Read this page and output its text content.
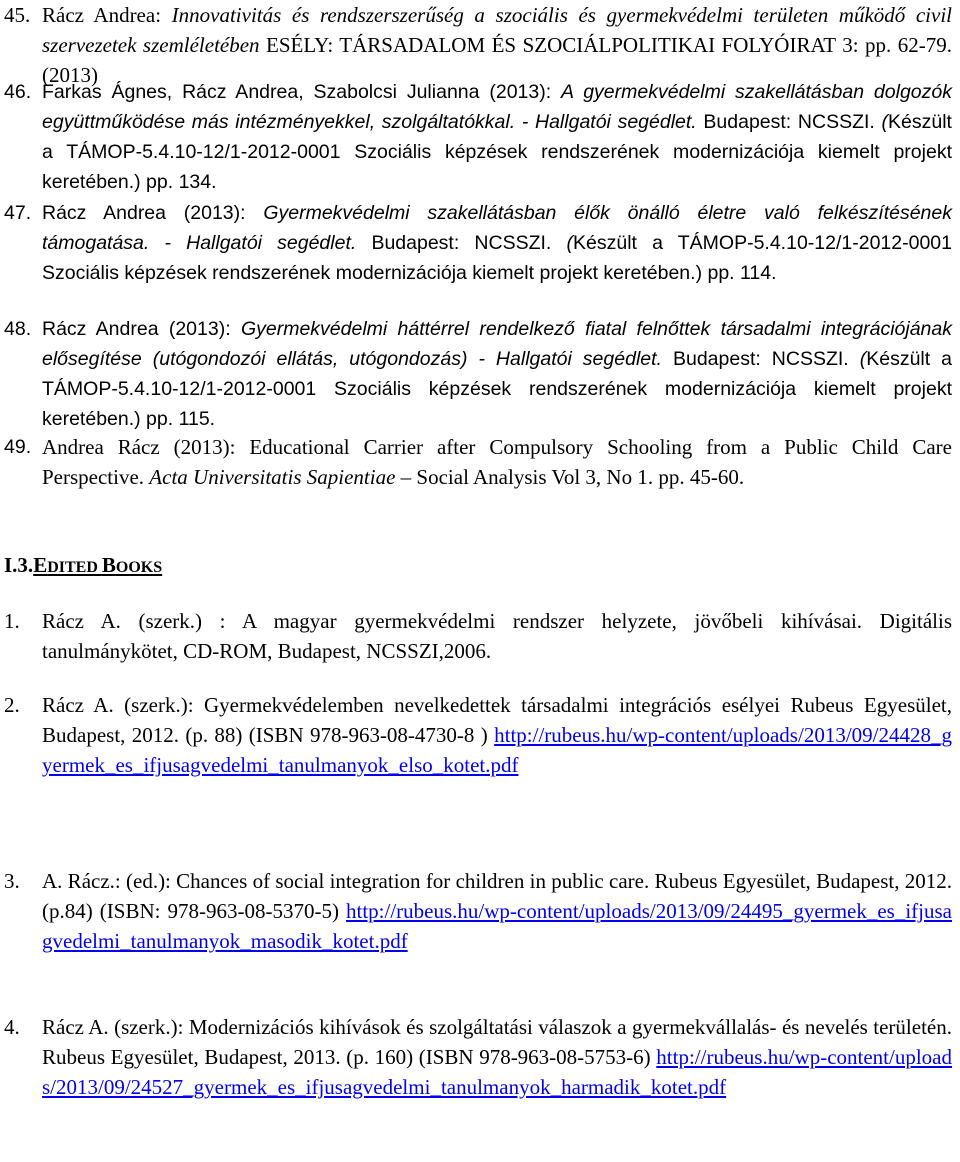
45. Rácz Andrea: Innovativitás és rendszerszerűség a szociális és gyermekvédelmi területen működő civil szervezetek szemléletében ESÉLY: TÁRSADALOM ÉS SZOCIÁLPOLITIKAI FOLYÓIRAT 3: pp. 62-79.(2013)
46. Farkas Ágnes, Rácz Andrea, Szabolcsi Julianna (2013): A gyermekvédelmi szakellátásban dolgozók együttműködése más intézményekkel, szolgáltatókkal. - Hallgatói segédlet. Budapest: NCSSZI. (Készült a TÁMOP-5.4.10-12/1-2012-0001 Szociális képzések rendszerének modernizációja kiemelt projekt keretében.) pp. 134.
47. Rácz Andrea (2013): Gyermekvédelmi szakellátásban élők önálló életre való felkészítésének támogatása. - Hallgatói segédlet. Budapest: NCSSZI. (Készült a TÁMOP-5.4.10-12/1-2012-0001 Szociális képzések rendszerének modernizációja kiemelt projekt keretében.) pp. 114.
48. Rácz Andrea (2013): Gyermekvédelmi háttérrel rendelkező fiatal felnőttek társadalmi integrációjának elősegítése (utógondozói ellátás, utógondozás) - Hallgatói segédlet. Budapest: NCSSZI. (Készült a TÁMOP-5.4.10-12/1-2012-0001 Szociális képzések rendszerének modernizációja kiemelt projekt keretében.) pp. 115.
49. Andrea Rácz (2013): Educational Carrier after Compulsory Schooling from a Public Child Care Perspective. Acta Universitatis Sapientiae – Social Analysis Vol 3, No 1. pp. 45-60.
I.3.EDITED BOOKS
1. Rácz A. (szerk.) : A magyar gyermekvédelmi rendszer helyzete, jövőbeli kihívásai. Digitális tanulmánykötet, CD-ROM, Budapest, NCSSZI,2006.
2. Rácz A. (szerk.): Gyermekvédelemben nevelkedettek társadalmi integrációs esélyei Rubeus Egyesület, Budapest, 2012. (p. 88) (ISBN 978-963-08-4730-8 ) http://rubeus.hu/wp-content/uploads/2013/09/24428_gyermek_es_ifjusagvedelmi_tanulmanyok_elso_kotet.pdf
3. A. Rácz.: (ed.): Chances of social integration for children in public care. Rubeus Egyesület, Budapest, 2012. (p.84) (ISBN: 978-963-08-5370-5) http://rubeus.hu/wp-content/uploads/2013/09/24495_gyermek_es_ifjusagvedelmi_tanulmanyok_masodik_kotet.pdf
4. Rácz A. (szerk.): Modernizációs kihívások és szolgáltatási válaszok a gyermekvállalás- és nevelés területén. Rubeus Egyesület, Budapest, 2013. (p. 160) (ISBN 978-963-08-5753-6) http://rubeus.hu/wp-content/uploads/2013/09/24527_gyermek_es_ifjusagvedelmi_tanulmanyok_harmadik_kotet.pdf
